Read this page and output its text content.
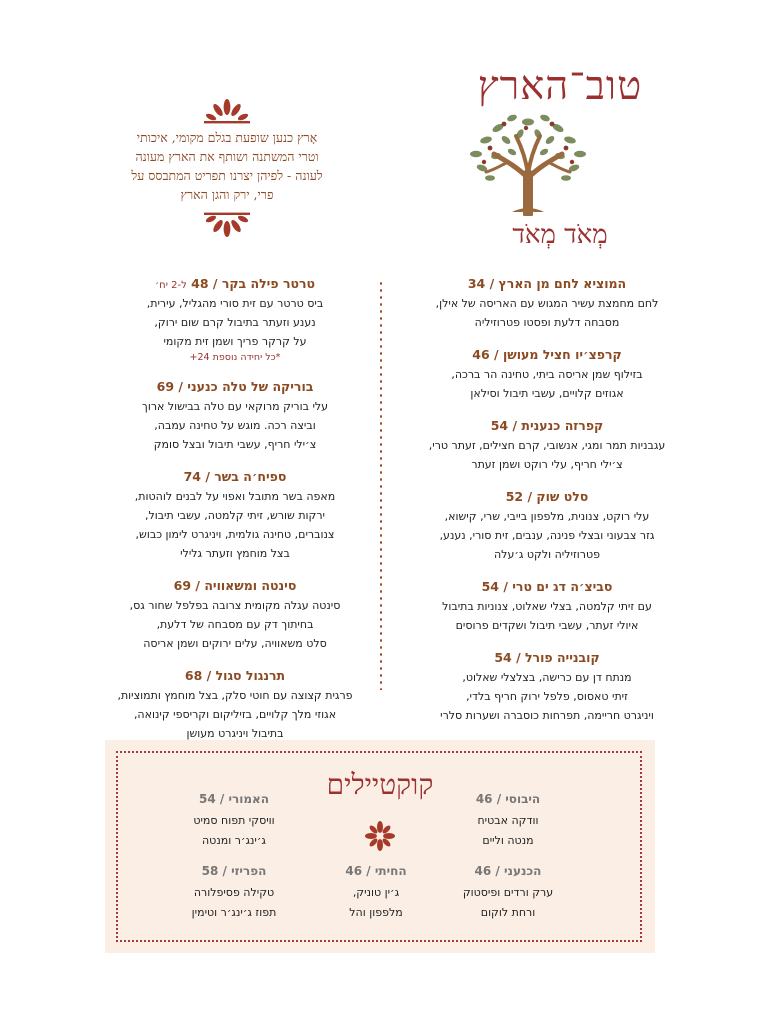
אָרץ כנען שופעת בגלם מקומי, איכותי
וטרי המשתנה ושותף את הארץ מעונה
לעונה - לפיהן יצרנו תפריט המתבסס על
פרי, ירק והגן הארץ
טוב־הארץ
מְאֹד מְאֹד
המוציא לחם מן הארץ / 34
לחם מחמצת עשיר המגוש עם האריסה של אילן,
מסבחה דלעת ופסטו פטרוזיליה
קרפצ׳יו חציל מעושן / 46
בזילוף שמן אריסה ביתי, טחינה הר ברכה,
אגוזים קלויים, עשבי תיבול וסילאן
קפרזה כנענית / 54
עגבניות תמר ומגי, אנשובי, קרם חצילים, זעתר טרי,
צ׳ילי חריף, עלי רוקט ושמן זעתר
סלט שוק / 52
עלי רוקט, צנונית, מלפפון בייבי, שרי, קישוא,
גזר צבעוני ובצלי פנינה, ענבים, זית סורי, נענע,
פטרוזיליה ולקט ג׳עלה
סביצ׳ה דג ים טרי / 54
עם זיתי קלמטה, בצלי שאלוט, צנוניות בתיבול
איולי זעתר, עשבי תיבול ושקדים פרוסים
קובנייה פורל / 54
מנתח דן עם כרישה, בצלצלי שאלוט,
זיתי טאסוס, פלפל ירוק חריף בלדי,
ויניגרט חריימה, תפרחות כוסברה ושערות סלרי
טרטר פילה בקר / 48 ל-2 יח׳
ביס טרטר עם זית סורי מהגליל, עירית,
נענע וזעתר בתיבול קרם שום ירוק,
על קרקר פריך ושמן זית מקומי
*כל יחידה נוספת 24+
בוריקה של טלה כנעני / 69
עלי בוריק מרוקאי עם טלה בבישול ארוך
וביצה רכה. מוגש על טחינה עמבה,
צ׳ילי חריף, עשבי תיבול ובצל סומק
ספיח׳ה בשר / 74
מאפה בשר מתובל ואפוי על לבנים לוהטות,
ירקות שורש, זיתי קלמטה, עשבי תיבול,
צנוברים, טחינה גולמית, ויניגרט לימון כבוש,
בצל מוחמץ וזעתר גלילי
סינטה ומשאוויה / 69
סינטה עגלה מקומית צרובה בפלפל שחור גס,
בחיתוך דק עם מסבחה של דלעת,
סלט משאוויה, עלים ירוקים ושמן אריסה
תרנגול סגול / 68
פרגית קצוצה עם חוטי סלק, בצל מוחמץ ותמוציות,
אגוזי מלך קלויים, בזיליקום וקריספי קינואה,
בתיבול ויניגרט מעושן
קוקטיילים	היבוסי / 46
וודקה אבטיח
מנטה וליים
האמורי / 54
וויסקי תפוח סמיט
ג׳ינג׳ר ומנטה
הכנעני / 46
ערק ורדים ופיסטוק
ורחת לוקום
החיתי / 46
ג׳ין טוניק,
מלפפון והל
הפריזי / 58
טקילה פסיפלורה
תפוז ג׳ינג׳ר וטימין
